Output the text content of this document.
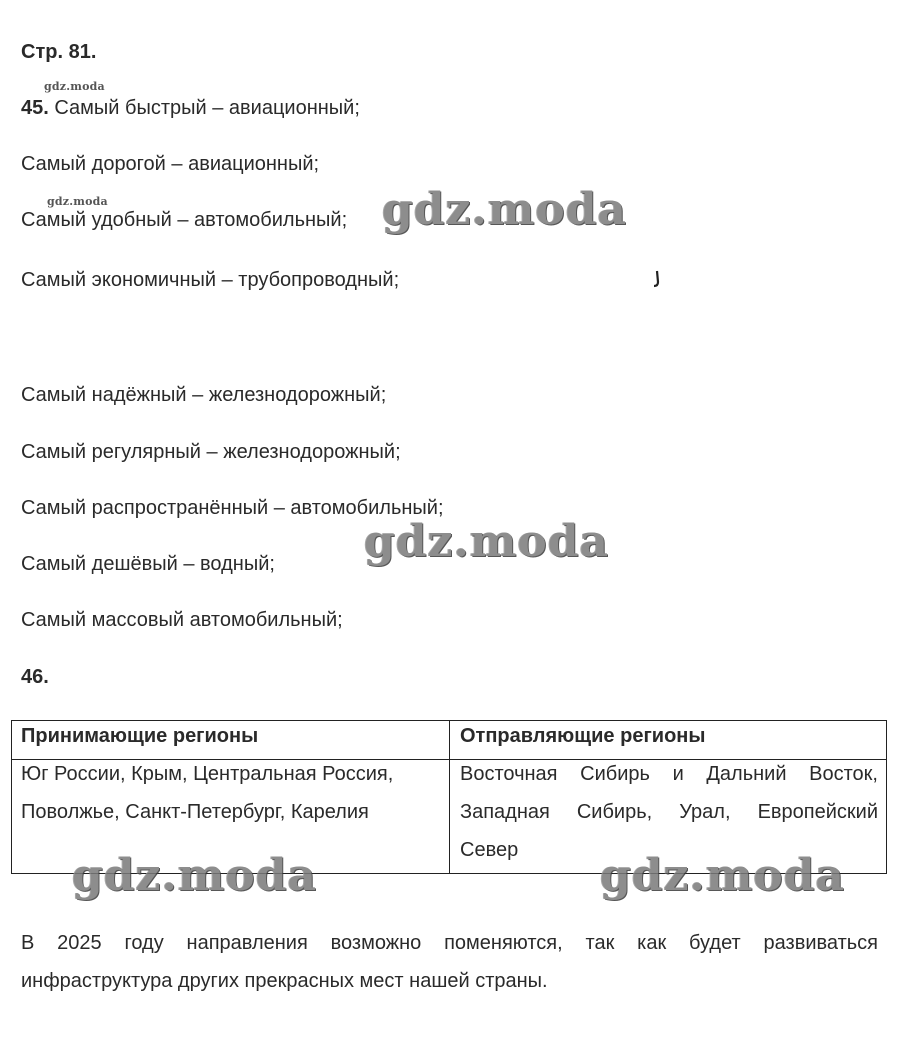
Стр. 81.
gdz.moda
gdz.moda
45. Самый быстрый – авиационный;
Самый дорогой – авиационный;
Самый удобный – автомобильный;
Самый экономичный – трубопроводный;
Самый надёжный – железнодорожный;
Самый регулярный – железнодорожный;
Самый распространённый – автомобильный;
Самый дешёвый – водный;
Самый массовый автомобильный;
gdz.moda
gdz.moda
46.
Принимающие регионы	Отправляющие регионы
Юг России, Крым, Центральная Россия,
Поволжье, Санкт-Петербург, Карелия
Восточная Сибирь и Дальний Восток,
Западная Сибирь, Урал, Европейский
Север
gdz.moda	gdz.moda
В 2025 году направления возможно поменяются, так как будет развиваться
инфраструктура других прекрасных мест нашей страны.
